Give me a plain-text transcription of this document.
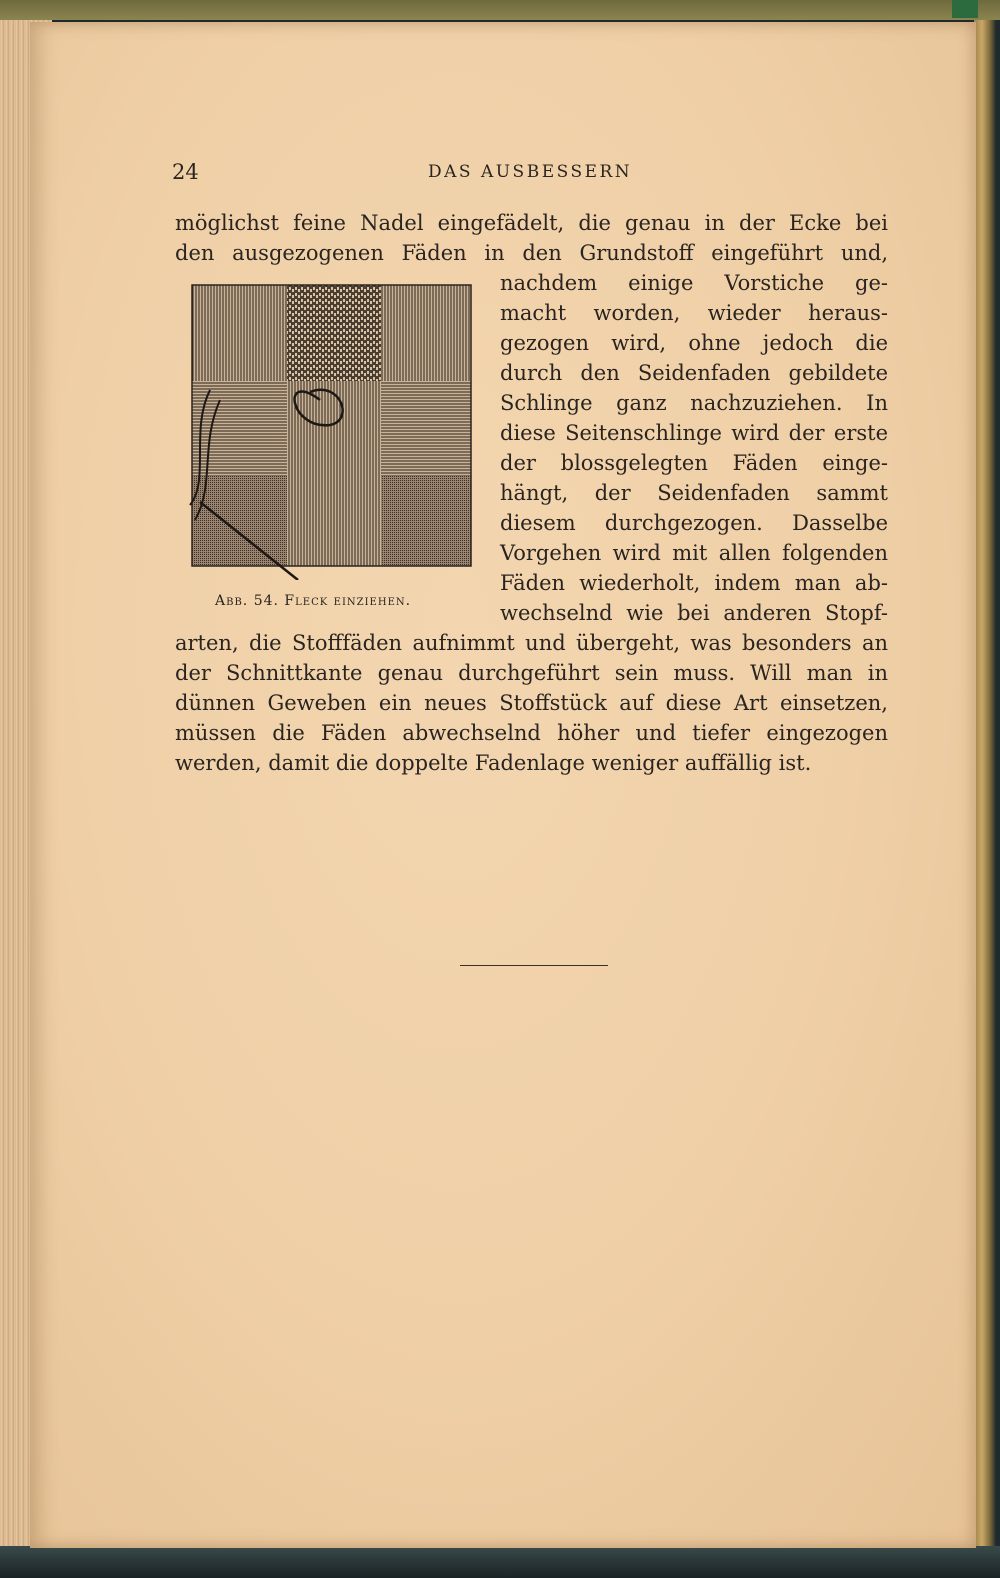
24	DAS AUSBESSERN
möglichst feine Nadel eingefädelt, die genau in der Ecke bei
den ausgezogenen Fäden in den Grundstoff eingeführt und,
nachdem einige Vorstiche ge-
macht worden, wieder heraus-
gezogen wird, ohne jedoch die
durch den Seidenfaden gebildete
Schlinge ganz nachzuziehen. In
diese Seitenschlinge wird der erste
der blossgelegten Fäden einge-
hängt, der Seidenfaden sammt
diesem durchgezogen. Dasselbe
Vorgehen wird mit allen folgenden
Fäden wiederholt, indem man ab-
wechselnd wie bei anderen Stopf-
arten, die Stofffäden aufnimmt und übergeht, was besonders an
der Schnittkante genau durchgeführt sein muss. Will man in
dünnen Geweben ein neues Stoffstück auf diese Art einsetzen,
müssen die Fäden abwechselnd höher und tiefer eingezogen
werden, damit die doppelte Fadenlage weniger auffällig ist.
Abb. 54. Fleck einziehen.
